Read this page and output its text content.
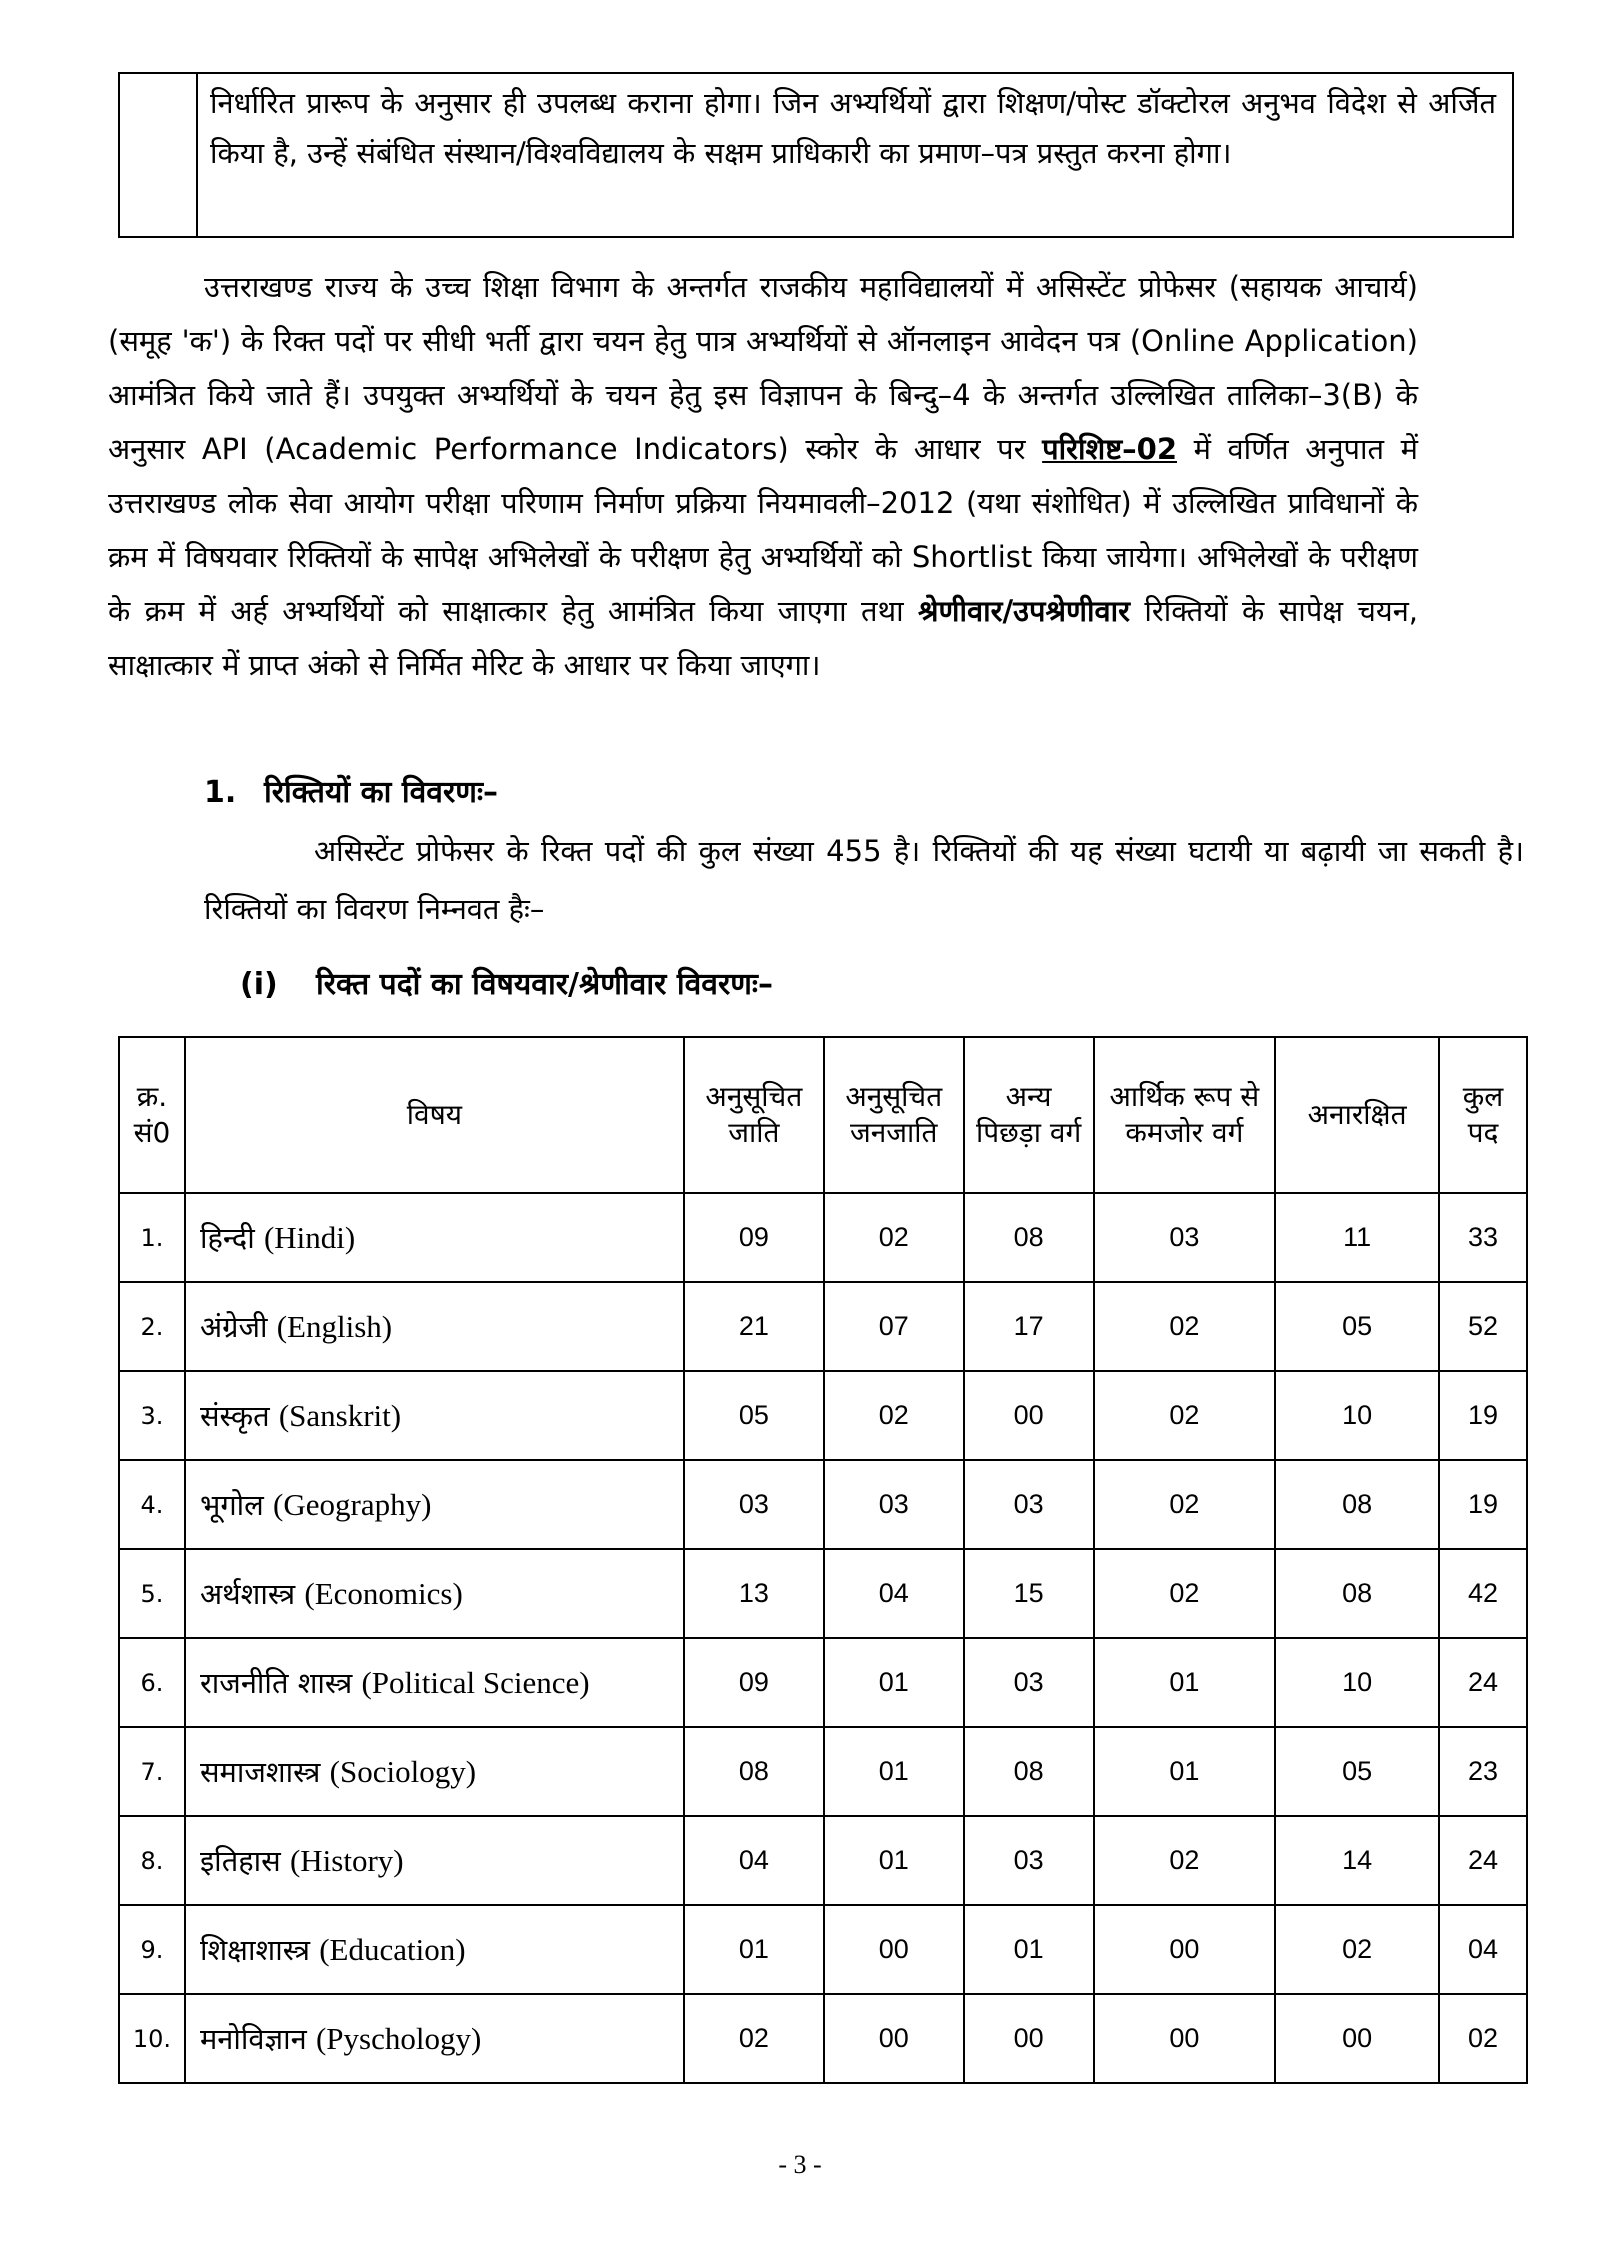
निर्धारित प्रारूप के अनुसार ही उपलब्ध कराना होगा। जिन अभ्यर्थियों द्वारा शिक्षण/पोस्ट डॉक्टोरल अनुभव विदेश से अर्जित किया है, उन्हें संबंधित संस्थान/विश्वविद्यालय के सक्षम प्राधिकारी का प्रमाण–पत्र प्रस्तुत करना होगा।
उत्तराखण्ड राज्य के उच्च शिक्षा विभाग के अन्तर्गत राजकीय महाविद्यालयों में असिस्टेंट प्रोफेसर (सहायक आचार्य) (समूह 'क') के रिक्त पदों पर सीधी भर्ती द्वारा चयन हेतु पात्र अभ्यर्थियों से ऑनलाइन आवेदन पत्र (Online Application) आमंत्रित किये जाते हैं। उपयुक्त अभ्यर्थियों के चयन हेतु इस विज्ञापन के बिन्दु–4 के अन्तर्गत उल्लिखित तालिका–3(B) के अनुसार API (Academic Performance Indicators) स्कोर के आधार पर परिशिष्ट–02 में वर्णित अनुपात में उत्तराखण्ड लोक सेवा आयोग परीक्षा परिणाम निर्माण प्रक्रिया नियमावली–2012 (यथा संशोधित) में उल्लिखित प्राविधानों के क्रम में विषयवार रिक्तियों के सापेक्ष अभिलेखों के परीक्षण हेतु अभ्यर्थियों को Shortlist किया जायेगा। अभिलेखों के परीक्षण के क्रम में अर्ह अभ्यर्थियों को साक्षात्कार हेतु आमंत्रित किया जाएगा तथा श्रेणीवार/उपश्रेणीवार रिक्तियों के सापेक्ष चयन, साक्षात्कार में प्राप्त अंको से निर्मित मेरिट के आधार पर किया जाएगा।
1. रिक्तियों का विवरणः–
असिस्टेंट प्रोफेसर के रिक्त पदों की कुल संख्या 455 है। रिक्तियों की यह संख्या घटायी या बढ़ायी जा सकती है। रिक्तियों का विवरण निम्नवत हैः–
(i) रिक्त पदों का विषयवार/श्रेणीवार विवरणः–
क्र. सं0	विषय	अनुसूचित जाति	अनुसूचित जनजाति	अन्य पिछड़ा वर्ग	आर्थिक रूप से कमजोर वर्ग	अनारक्षित	कुल पद
1.	हिन्दी (Hindi)	09	02	08	03	11	33
2.	अंग्रेजी (English)	21	07	17	02	05	52
3.	संस्कृत (Sanskrit)	05	02	00	02	10	19
4.	भूगोल (Geography)	03	03	03	02	08	19
5.	अर्थशास्त्र (Economics)	13	04	15	02	08	42
6.	राजनीति शास्त्र (Political Science)	09	01	03	01	10	24
7.	समाजशास्त्र (Sociology)	08	01	08	01	05	23
8.	इतिहास (History)	04	01	03	02	14	24
9.	शिक्षाशास्त्र (Education)	01	00	01	00	02	04
10.	मनोविज्ञान (Pyschology)	02	00	00	00	00	02
- 3 -
